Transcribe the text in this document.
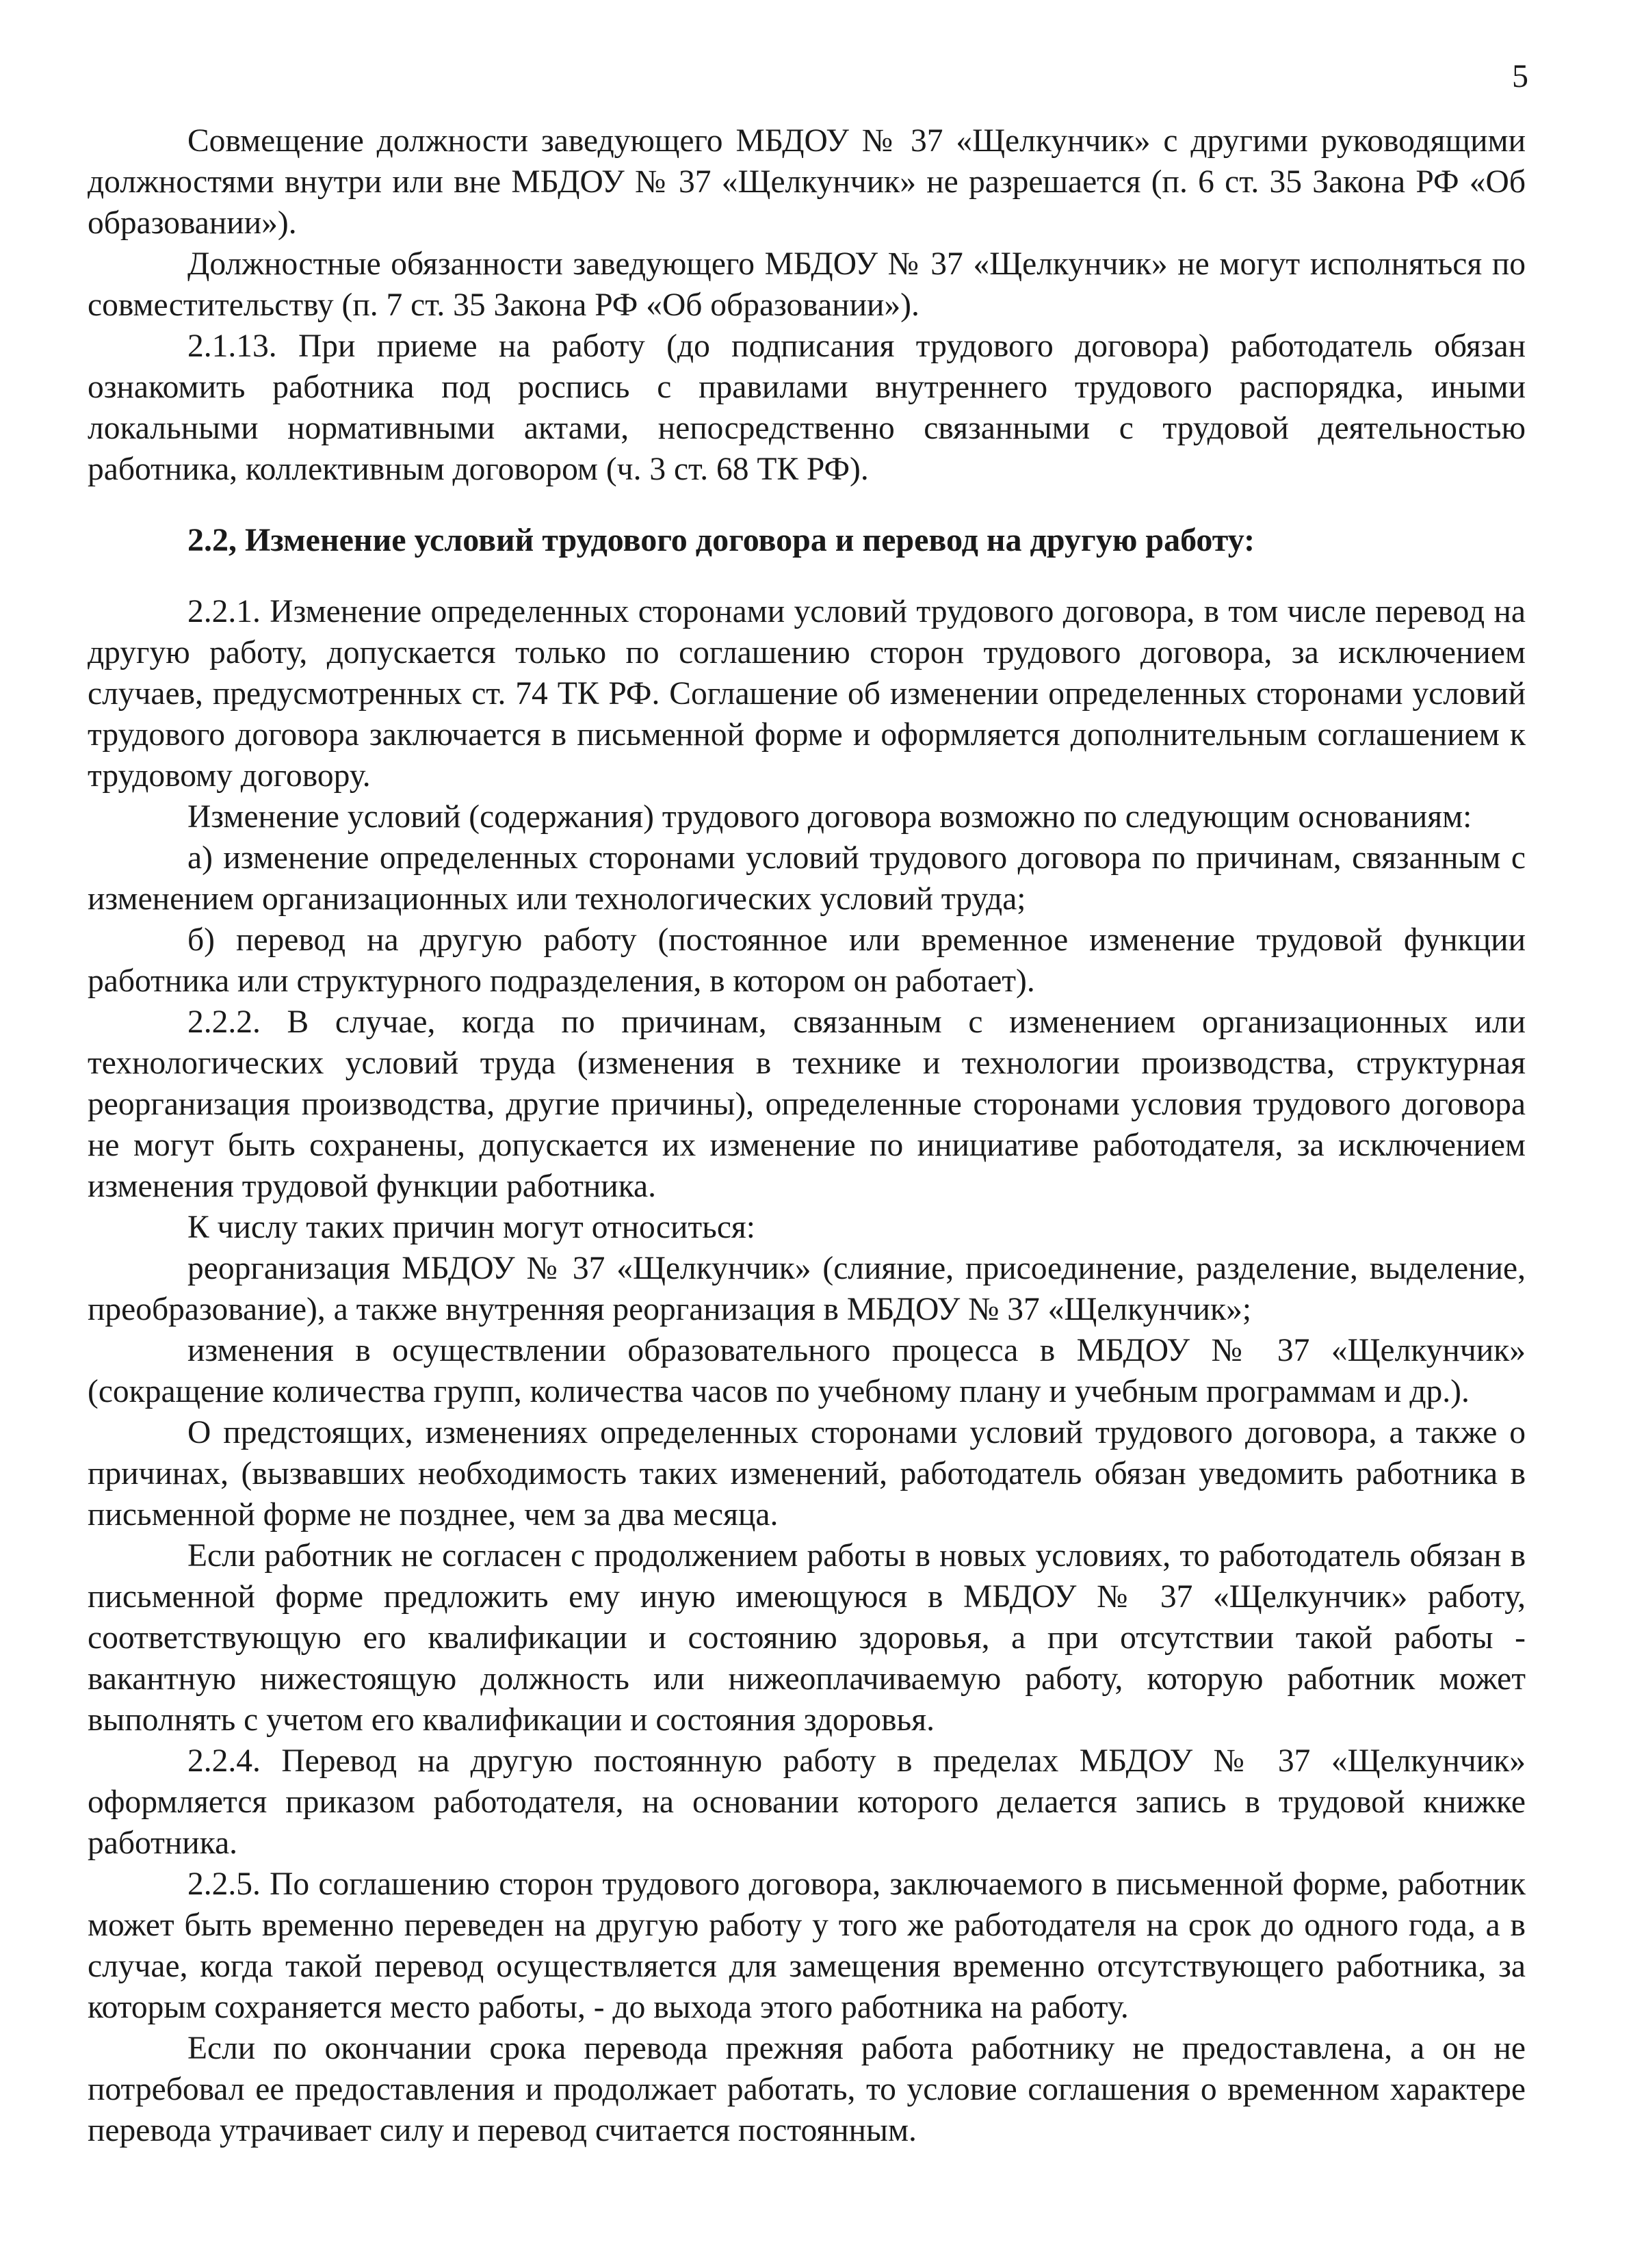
5

Совмещение должности заведующего МБДОУ № 37 «Щелкунчик» с другими руководящими должностями внутри или вне МБДОУ № 37 «Щелкунчик» не разрешается (п. 6 ст. 35 Закона РФ «Об образовании»).

Должностные обязанности заведующего МБДОУ № 37 «Щелкунчик» не могут исполняться по совместительству (п. 7 ст. 35 Закона РФ «Об образовании»).

2.1.13. При приеме на работу (до подписания трудового договора) работодатель обязан ознакомить работника под роспись с правилами внутреннего трудового распорядка, иными локальными нормативными актами, непосредственно связанными с трудовой деятельностью работника, коллективным договором (ч. 3 ст. 68 ТК РФ).

2.2, Изменение условий трудового договора и перевод на другую работу:

2.2.1. Изменение определенных сторонами условий трудового договора, в том числе перевод на другую работу, допускается только по соглашению сторон трудового договора, за исключением случаев, предусмотренных ст. 74 ТК РФ. Соглашение об изменении определенных сторонами условий трудового договора заключается в письменной форме и оформляется дополнительным соглашением к трудовому договору.

Изменение условий (содержания) трудового договора возможно по следующим основаниям:

а) изменение определенных сторонами условий трудового договора по причинам, связанным с изменением организационных или технологических условий труда;

б) перевод на другую работу (постоянное или временное изменение трудовой функции работника или структурного подразделения, в котором он работает).

2.2.2. В случае, когда по причинам, связанным с изменением организационных или технологических условий труда (изменения в технике и технологии производства, структурная реорганизация производства, другие причины), определенные сторонами условия трудового договора не могут быть сохранены, допускается их изменение по инициативе работодателя, за исключением изменения трудовой функции работника.

К числу таких причин могут относиться:

реорганизация МБДОУ № 37 «Щелкунчик» (слияние, присоединение, разделение, выделение, преобразование), а также внутренняя реорганизация в МБДОУ № 37 «Щелкунчик»;

изменения в осуществлении образовательного процесса в МБДОУ № 37 «Щелкунчик» (сокращение количества групп, количества часов по учебному плану и учебным программам и др.).

О предстоящих, изменениях определенных сторонами условий трудового договора, а также о причинах, (вызвавших необходимость таких изменений, работодатель обязан уведомить работника в письменной форме не позднее, чем за два месяца.

Если работник не согласен с продолжением работы в новых условиях, то работодатель обязан в письменной форме предложить ему иную имеющуюся в МБДОУ № 37 «Щелкунчик» работу, соответствующую его квалификации и состоянию здоровья, а при отсутствии такой работы - вакантную нижестоящую должность или нижеоплачиваемую работу, которую работник может выполнять с учетом его квалификации и состояния здоровья.

2.2.4. Перевод на другую постоянную работу в пределах МБДОУ № 37 «Щелкунчик» оформляется приказом работодателя, на основании которого делается запись в трудовой книжке работника.

2.2.5. По соглашению сторон трудового договора, заключаемого в письменной форме, работник может быть временно переведен на другую работу у того же работодателя на срок до одного года, а в случае, когда такой перевод осуществляется для замещения временно отсутствующего работника, за которым сохраняется место работы, - до выхода этого работника на работу.

Если по окончании срока перевода прежняя работа работнику не предоставлена, а он не потребовал ее предоставления и продолжает работать, то условие соглашения о временном характере перевода утрачивает силу и перевод считается постоянным.
